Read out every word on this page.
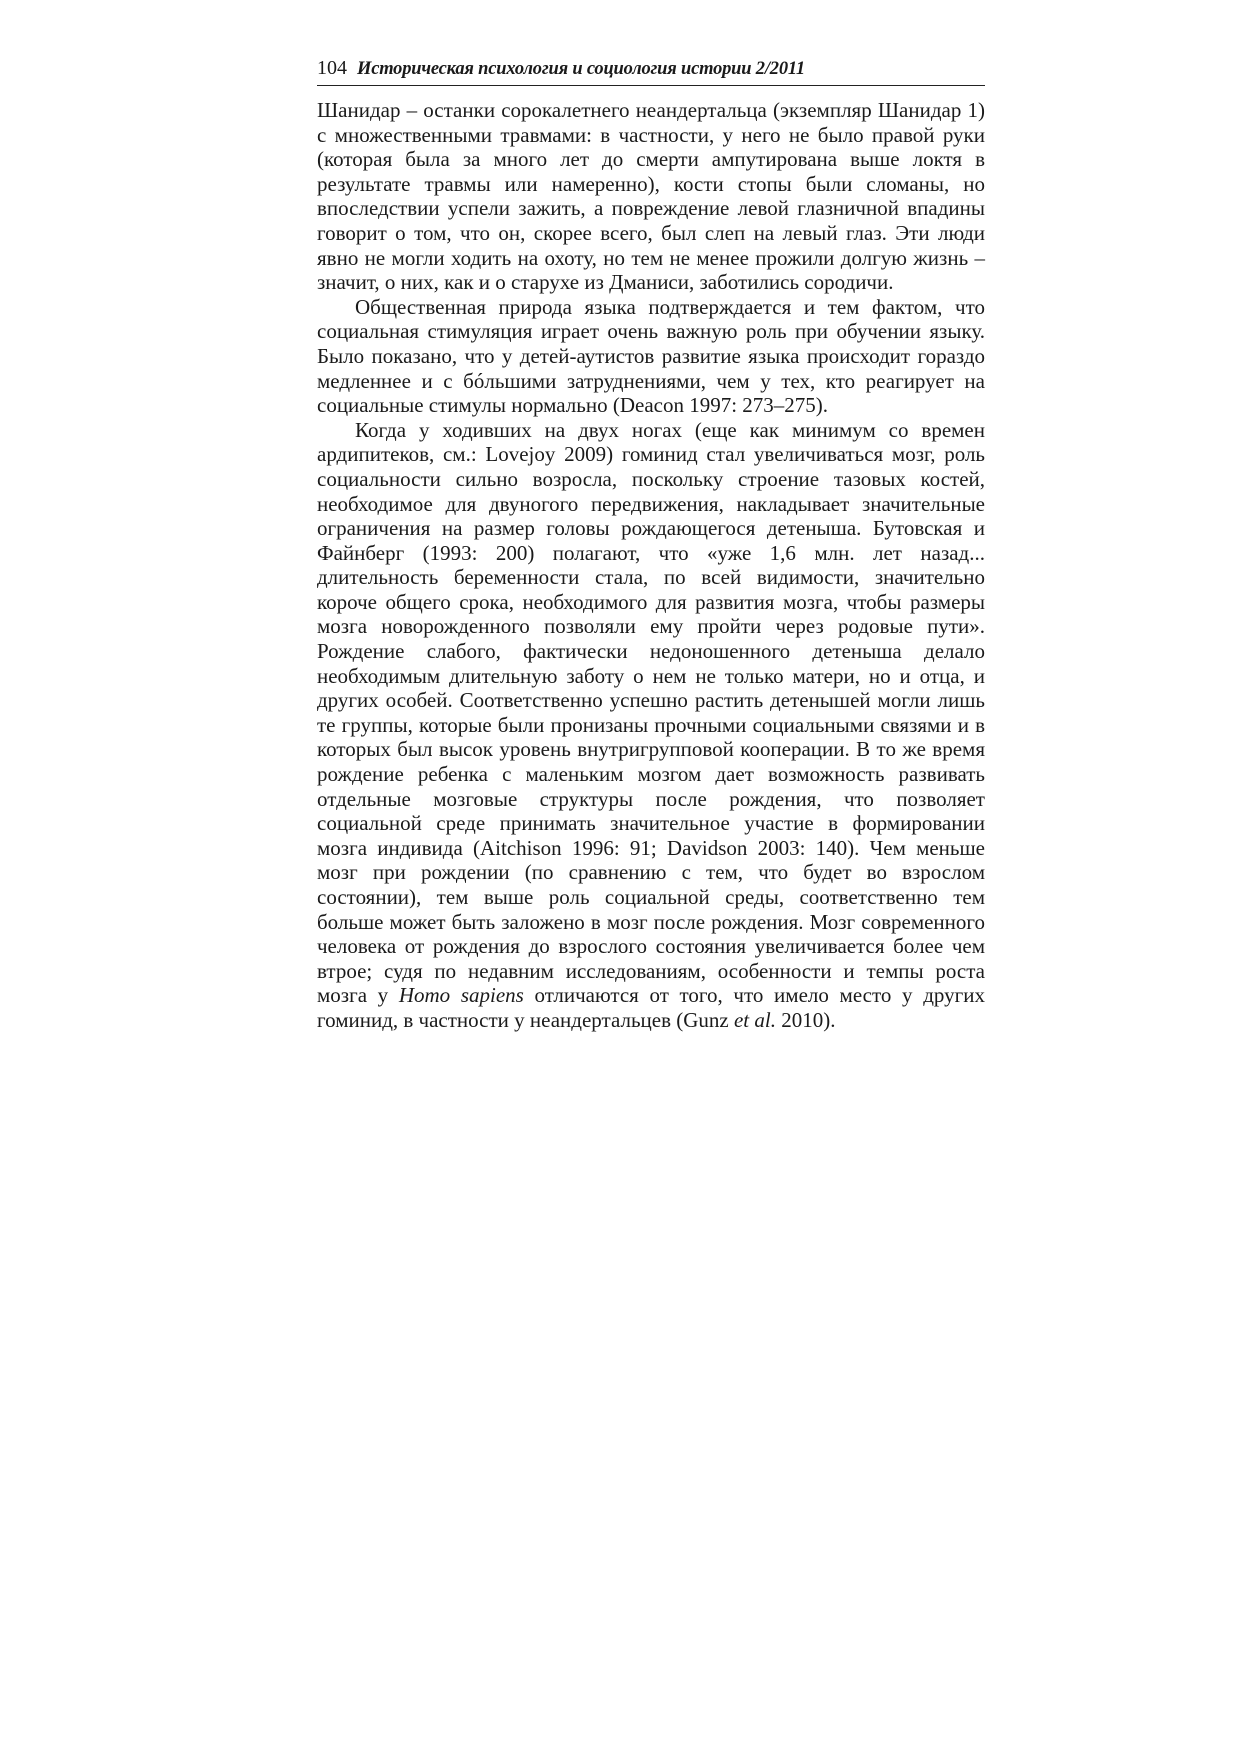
104 Историческая психология и социология истории 2/2011

Шанидар – останки сорокалетнего неандертальца (экземпляр Шанидар 1) с множественными травмами: в частности, у него не было правой руки (которая была за много лет до смерти ампутирована выше локтя в результате травмы или намеренно), кости стопы были сломаны, но впоследствии успели зажить, а повреждение левой глазничной впадины говорит о том, что он, скорее всего, был слеп на левый глаз. Эти люди явно не могли ходить на охоту, но тем не менее прожили долгую жизнь – значит, о них, как и о старухе из Дманиси, заботились сородичи.

Общественная природа языка подтверждается и тем фактом, что социальная стимуляция играет очень важную роль при обучении языку. Было показано, что у детей-аутистов развитие языка происходит гораздо медленнее и с бóльшими затруднениями, чем у тех, кто реагирует на социальные стимулы нормально (Deacon 1997: 273–275).

Когда у ходивших на двух ногах (еще как минимум со времен ардипитеков, см.: Lovejoy 2009) гоминид стал увеличиваться мозг, роль социальности сильно возросла, поскольку строение тазовых костей, необходимое для двуногого передвижения, накладывает значительные ограничения на размер головы рождающегося детеныша. Бутовская и Файнберг (1993: 200) полагают, что «уже 1,6 млн. лет назад... длительность беременности стала, по всей видимости, значительно короче общего срока, необходимого для развития мозга, чтобы размеры мозга новорожденного позволяли ему пройти через родовые пути». Рождение слабого, фактически недоношенного детеныша делало необходимым длительную заботу о нем не только матери, но и отца, и других особей. Соответственно успешно растить детенышей могли лишь те группы, которые были пронизаны прочными социальными связями и в которых был высок уровень внутригрупповой кооперации. В то же время рождение ребенка с маленьким мозгом дает возможность развивать отдельные мозговые структуры после рождения, что позволяет социальной среде принимать значительное участие в формировании мозга индивида (Aitchison 1996: 91; Davidson 2003: 140). Чем меньше мозг при рождении (по сравнению с тем, что будет во взрослом состоянии), тем выше роль социальной среды, соответственно тем больше может быть заложено в мозг после рождения. Мозг современного человека от рождения до взрослого состояния увеличивается более чем втрое; судя по недавним исследованиям, особенности и темпы роста мозга у Homo sapiens отличаются от того, что имело место у других гоминид, в частности у неандертальцев (Gunz et al. 2010).
